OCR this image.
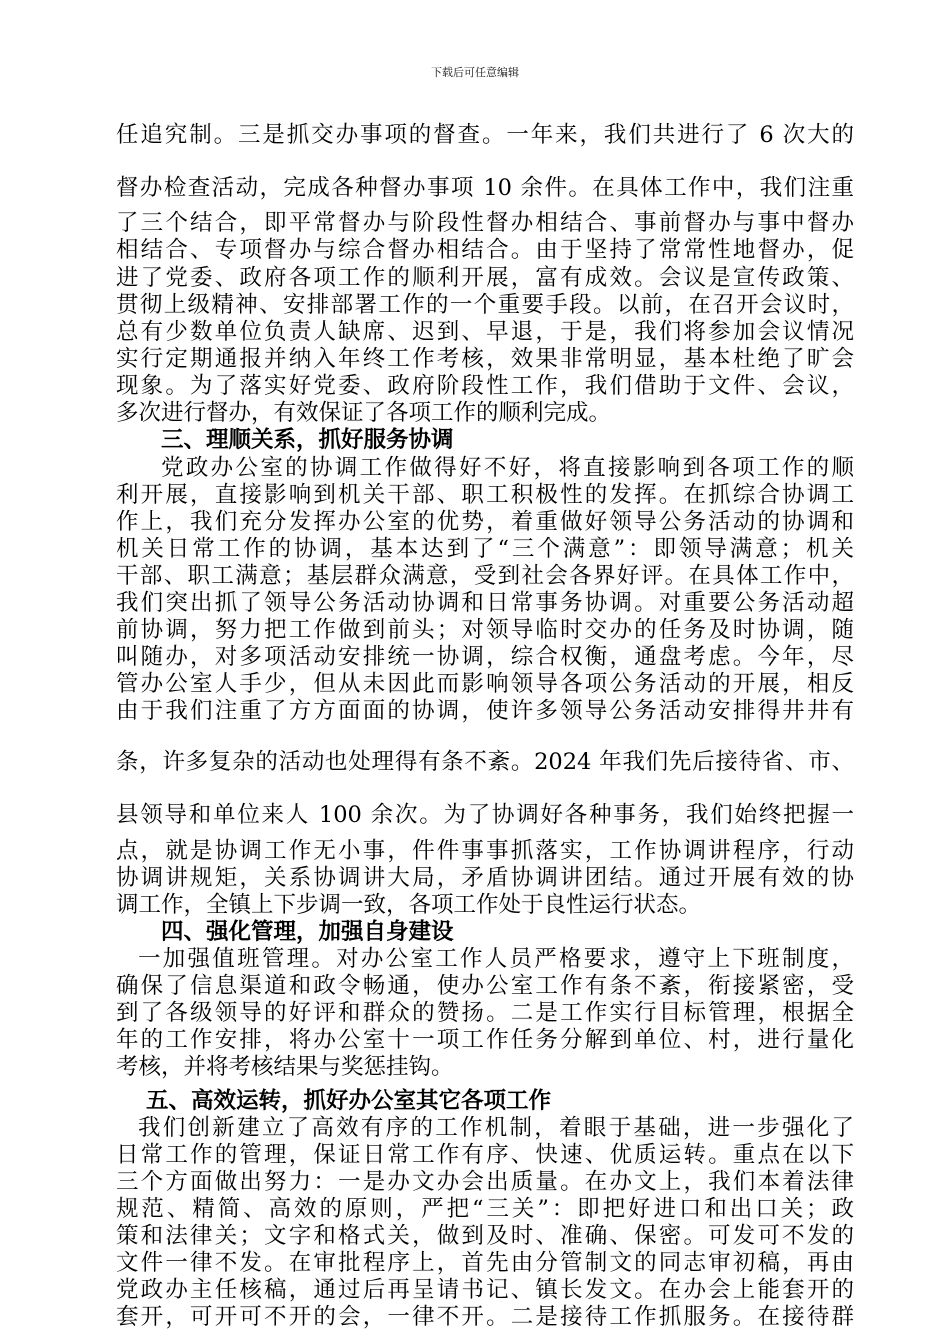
下载后可任意编辑
任追究制。三是抓交办事项的督查。一年来，我们共进行了 6 次大的
督办检查活动，完成各种督办事项 10 余件。在具体工作中，我们注重
了三个结合，即平常督办与阶段性督办相结合、事前督办与事中督办
相结合、专项督办与综合督办相结合。由于坚持了常常性地督办，促
进了党委、政府各项工作的顺利开展，富有成效。会议是宣传政策、
贯彻上级精神、安排部署工作的一个重要手段。以前，在召开会议时，
总有少数单位负责人缺席、迟到、早退，于是，我们将参加会议情况
实行定期通报并纳入年终工作考核，效果非常明显，基本杜绝了旷会
现象。为了落实好党委、政府阶段性工作，我们借助于文件、会议，
多次进行督办，有效保证了各项工作的顺利完成。
三、理顺关系，抓好服务协调
党政办公室的协调工作做得好不好，将直接影响到各项工作的顺
利开展，直接影响到机关干部、职工积极性的发挥。在抓综合协调工
作上，我们充分发挥办公室的优势，着重做好领导公务活动的协调和
机关日常工作的协调，基本达到了“三个满意”：即领导满意；机关
干部、职工满意；基层群众满意，受到社会各界好评。在具体工作中，
我们突出抓了领导公务活动协调和日常事务协调。对重要公务活动超
前协调，努力把工作做到前头；对领导临时交办的任务及时协调，随
叫随办，对多项活动安排统一协调，综合权衡，通盘考虑。今年，尽
管办公室人手少，但从未因此而影响领导各项公务活动的开展，相反
由于我们注重了方方面面的协调，使许多领导公务活动安排得井井有
条，许多复杂的活动也处理得有条不紊。2024 年我们先后接待省、市、
县领导和单位来人 100 余次。为了协调好各种事务，我们始终把握一
点，就是协调工作无小事，件件事事抓落实，工作协调讲程序，行动
协调讲规矩，关系协调讲大局，矛盾协调讲团结。通过开展有效的协
调工作，全镇上下步调一致，各项工作处于良性运行状态。
四、强化管理，加强自身建设
一加强值班管理。对办公室工作人员严格要求，遵守上下班制度，
确保了信息渠道和政令畅通，使办公室工作有条不紊，衔接紧密，受
到了各级领导的好评和群众的赞扬。二是工作实行目标管理，根据全
年的工作安排，将办公室十一项工作任务分解到单位、村，进行量化
考核，并将考核结果与奖惩挂钩。
五、高效运转，抓好办公室其它各项工作
我们创新建立了高效有序的工作机制，着眼于基础，进一步强化了
日常工作的管理，保证日常工作有序、快速、优质运转。重点在以下
三个方面做出努力：一是办文办会出质量。在办文上，我们本着法律
规范、精简、高效的原则，严把“三关”：即把好进口和出口关；政
策和法律关；文字和格式关，做到及时、准确、保密。可发可不发的
文件一律不发。在审批程序上，首先由分管制文的同志审初稿，再由
党政办主任核稿，通过后再呈请书记、镇长发文。在办会上能套开的
套开，可开可不开的会，一律不开。二是接待工作抓服务。在接待群
